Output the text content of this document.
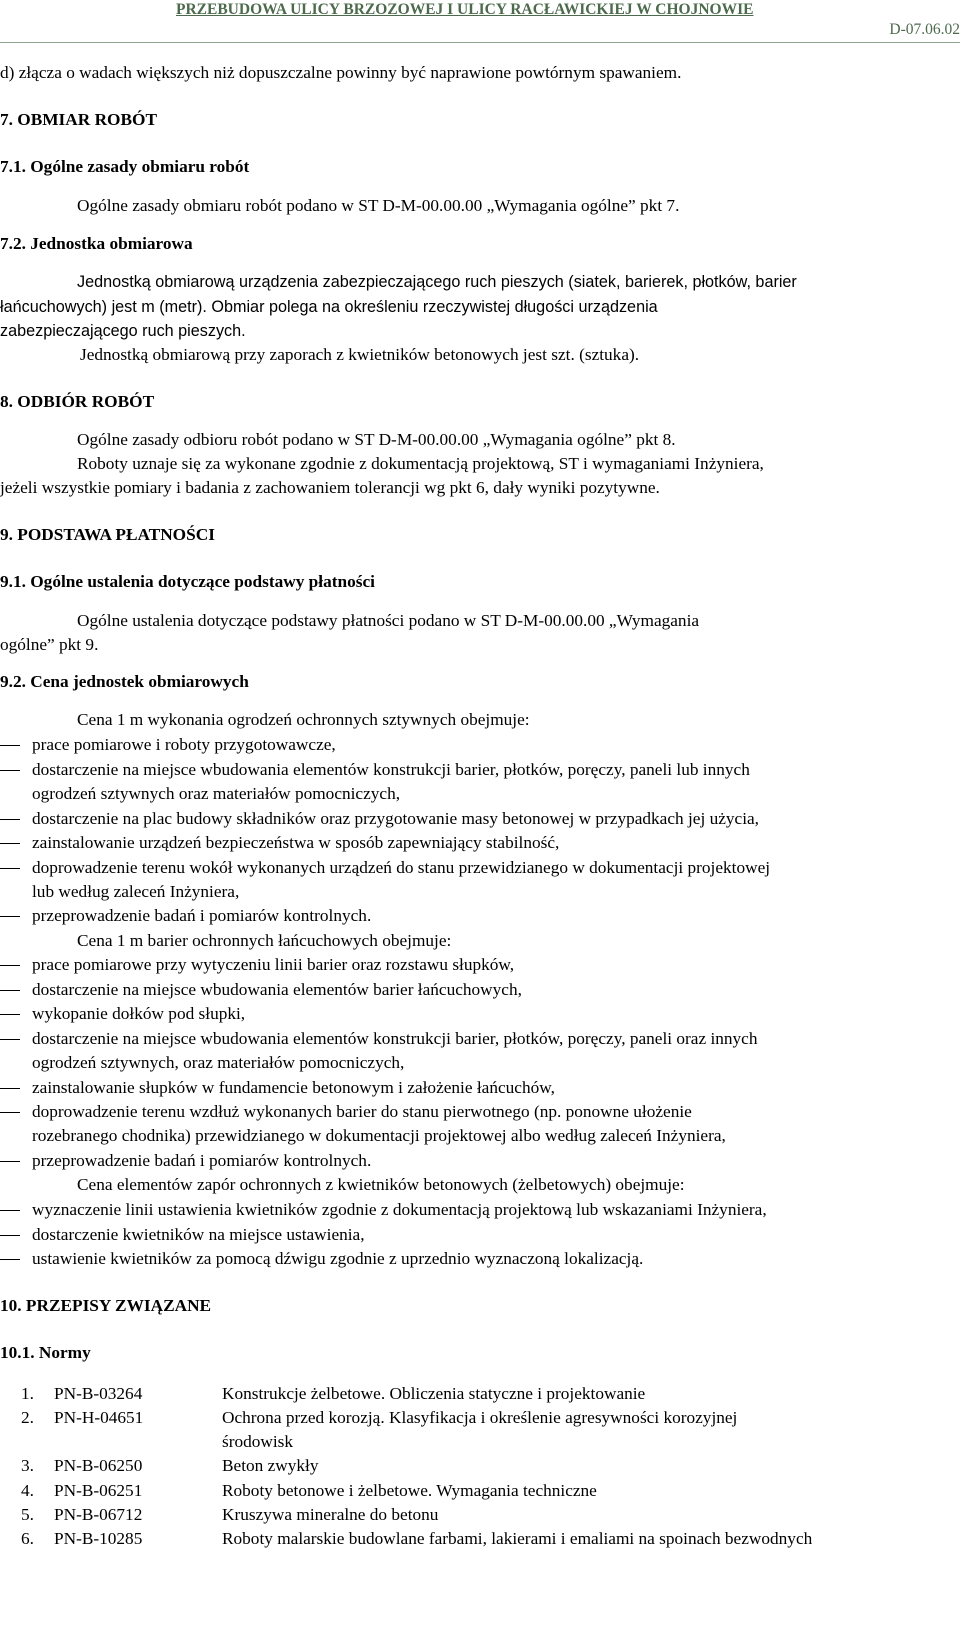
PRZEBUDOWA ULICY BRZOZOWEJ I ULICY RACŁAWICKIEJ W CHOJNOWIE
D-07.06.02
d) złącza o wadach większych niż dopuszczalne powinny być naprawione powtórnym spawaniem.
7. OBMIAR ROBÓT
7.1. Ogólne zasady obmiaru robót
Ogólne zasady obmiaru robót podano w ST D-M-00.00.00 „Wymagania ogólne” pkt 7.
7.2. Jednostka obmiarowa
Jednostką obmiarową urządzenia zabezpieczającego ruch pieszych (siatek, barierek, płotków, barier
łańcuchowych) jest m (metr). Obmiar polega na określeniu rzeczywistej długości urządzenia
zabezpieczającego ruch pieszych.
Jednostką obmiarową przy zaporach z kwietników betonowych jest szt. (sztuka).
8. ODBIÓR ROBÓT
Ogólne zasady odbioru robót podano w ST D-M-00.00.00 „Wymagania ogólne” pkt 8.
Roboty uznaje się za wykonane zgodnie z dokumentacją projektową, ST i wymaganiami Inżyniera,
jeżeli wszystkie pomiary i badania z zachowaniem tolerancji wg pkt 6, dały wyniki pozytywne.
9. PODSTAWA PŁATNOŚCI
9.1. Ogólne ustalenia dotyczące podstawy płatności
Ogólne ustalenia dotyczące podstawy płatności podano w ST D-M-00.00.00 „Wymagania
ogólne” pkt 9.
9.2. Cena jednostek obmiarowych
Cena 1 m wykonania ogrodzeń ochronnych sztywnych obejmuje:
prace pomiarowe i roboty przygotowawcze,
dostarczenie na miejsce wbudowania elementów konstrukcji barier, płotków, poręczy, paneli lub innych
ogrodzeń sztywnych oraz materiałów pomocniczych,
dostarczenie na plac budowy składników oraz przygotowanie masy betonowej w przypadkach jej użycia,
zainstalowanie urządzeń bezpieczeństwa w sposób zapewniający stabilność,
doprowadzenie terenu wokół wykonanych urządzeń do stanu przewidzianego w dokumentacji projektowej
lub według zaleceń Inżyniera,
przeprowadzenie badań i pomiarów kontrolnych.
Cena 1 m barier ochronnych łańcuchowych obejmuje:
prace pomiarowe przy wytyczeniu linii barier oraz rozstawu słupków,
dostarczenie na miejsce wbudowania elementów barier łańcuchowych,
wykopanie dołków pod słupki,
dostarczenie na miejsce wbudowania elementów konstrukcji barier, płotków, poręczy, paneli oraz innych
ogrodzeń sztywnych, oraz materiałów pomocniczych,
zainstalowanie słupków w fundamencie betonowym i założenie łańcuchów,
doprowadzenie terenu wzdłuż wykonanych barier do stanu pierwotnego (np. ponowne ułożenie
rozebranego chodnika) przewidzianego w dokumentacji projektowej albo według zaleceń Inżyniera,
przeprowadzenie badań i pomiarów kontrolnych.
Cena elementów zapór ochronnych z kwietników betonowych (żelbetowych) obejmuje:
wyznaczenie linii ustawienia kwietników zgodnie z dokumentacją projektową lub wskazaniami Inżyniera,
dostarczenie kwietników na miejsce ustawienia,
ustawienie kwietników za pomocą dźwigu zgodnie z uprzednio wyznaczoną lokalizacją.
10. PRZEPISY ZWIĄZANE
10.1. Normy
1. PN-B-03264	Konstrukcje żelbetowe. Obliczenia statyczne i projektowanie
2. PN-H-04651	Ochrona przed korozją. Klasyfikacja i określenie agresywności korozyjnej
środowisk
3. PN-B-06250	Beton zwykły
4. PN-B-06251	Roboty betonowe i żelbetowe. Wymagania techniczne
5. PN-B-06712	Kruszywa mineralne do betonu
6. PN-B-10285	Roboty malarskie budowlane farbami, lakierami i emaliami na spoinach bezwodnych
